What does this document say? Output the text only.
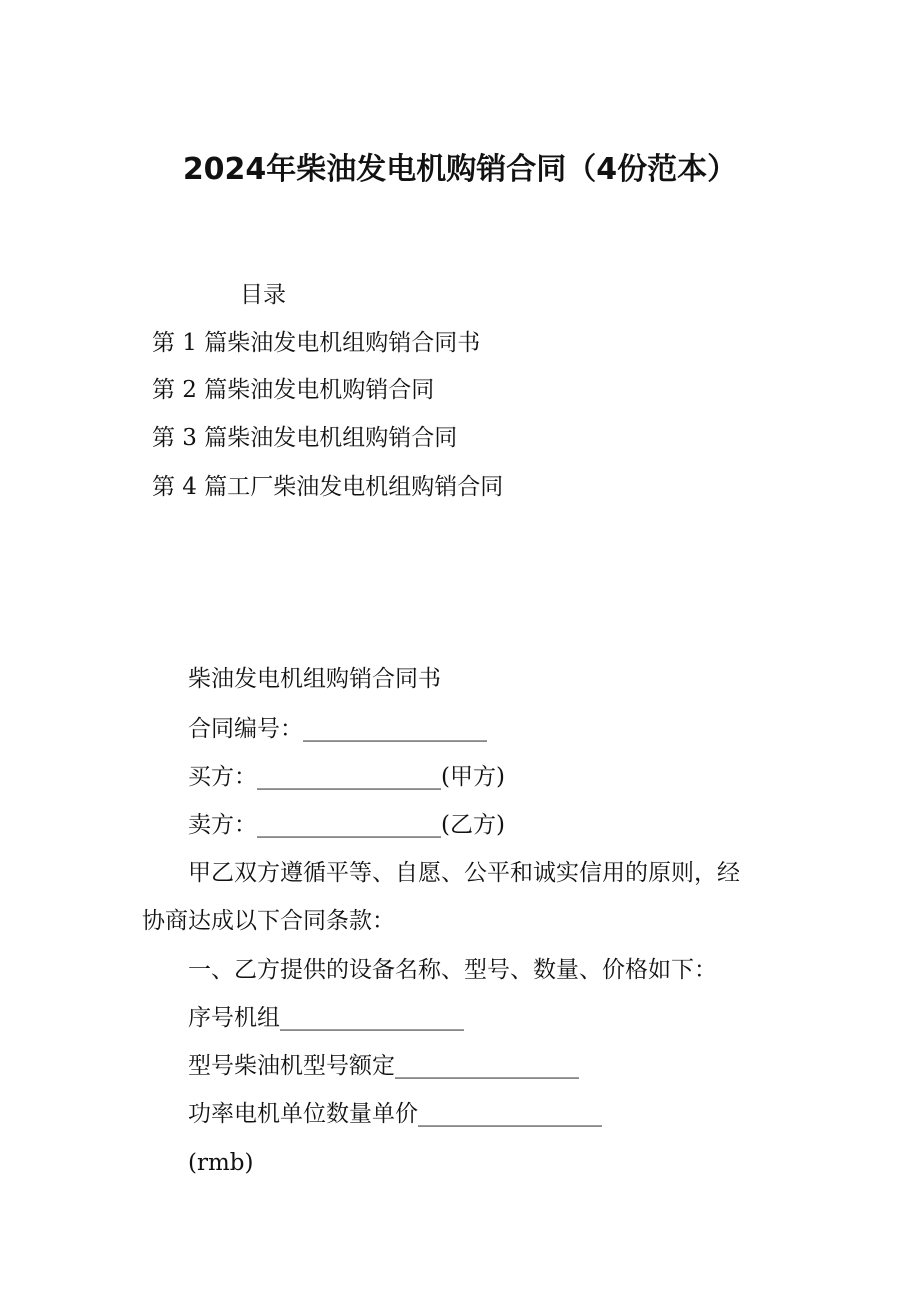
2024年柴油发电机购销合同（4份范本）
目录
第 1 篇柴油发电机组购销合同书
第 2 篇柴油发电机购销合同
第 3 篇柴油发电机组购销合同
第 4 篇工厂柴油发电机组购销合同
柴油发电机组购销合同书
合同编号：________________
买方：________________(甲方)
卖方：________________(乙方)
甲乙双方遵循平等、自愿、公平和诚实信用的原则，经
协商达成以下合同条款：
一、乙方提供的设备名称、型号、数量、价格如下：
序号机组________________
型号柴油机型号额定________________
功率电机单位数量单价________________
(rmb)
